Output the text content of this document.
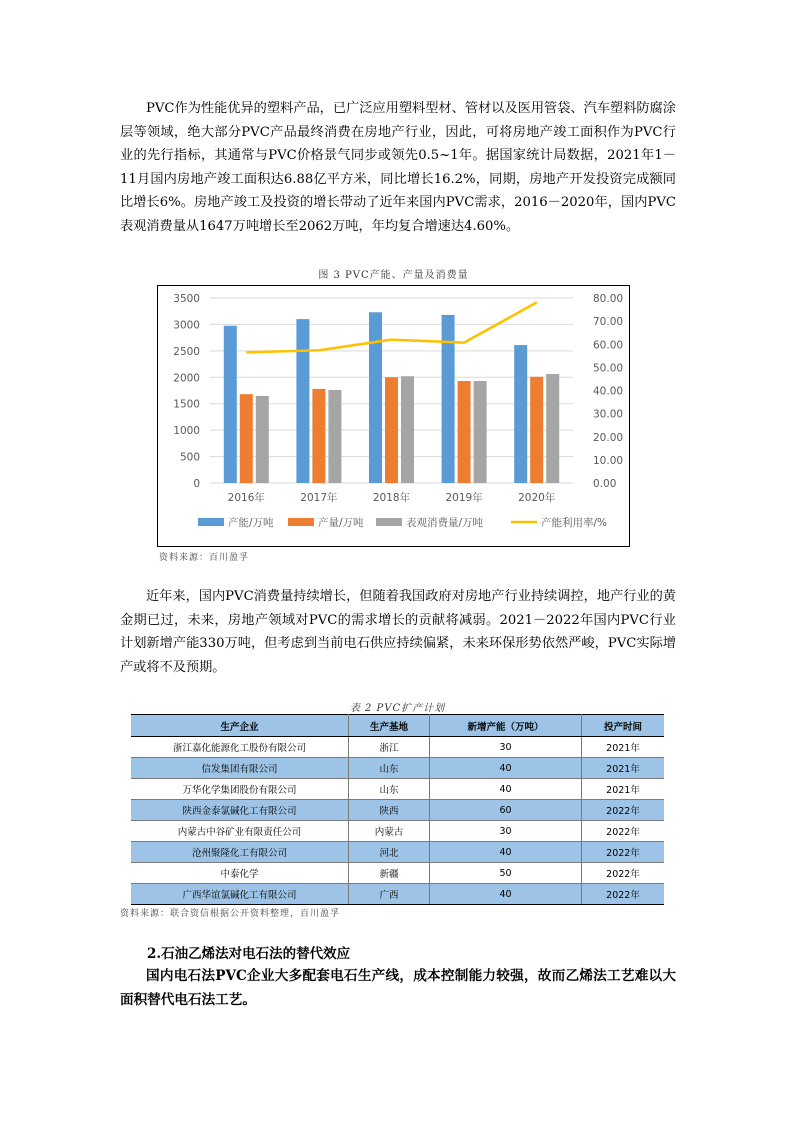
PVC作为性能优异的塑料产品，已广泛应用塑料型材、管材以及医用管袋、汽车塑料防腐涂层等领域，绝大部分PVC产品最终消费在房地产行业，因此，可将房地产竣工面积作为PVC行业的先行指标，其通常与PVC价格景气同步或领先0.5~1年。据国家统计局数据，2021年1－11月国内房地产竣工面积达6.88亿平方米，同比增长16.2%，同期，房地产开发投资完成额同比增长6%。房地产竣工及投资的增长带动了近年来国内PVC需求，2016－2020年，国内PVC表观消费量从1647万吨增长至2062万吨，年均复合增速达4.60%。

图 3 PVC产能、产量及消费量
0
500
1000
1500
2000
2500
3000
3500
0.00
10.00
20.00
30.00
40.00
50.00
60.00
70.00
80.00
2016年	2017年	2018年	2019年	2020年
产能/万吨	产量/万吨	表观消费量/万吨	产能利用率/%
资料来源：百川盈孚

近年来，国内PVC消费量持续增长，但随着我国政府对房地产行业持续调控，地产行业的黄金期已过，未来，房地产领域对PVC的需求增长的贡献将减弱。2021－2022年国内PVC行业计划新增产能330万吨，但考虑到当前电石供应持续偏紧，未来环保形势依然严峻，PVC实际增产或将不及预期。

表 2 PVC扩产计划
生产企业	生产基地	新增产能（万吨）	投产时间
浙江嘉化能源化工股份有限公司	浙江	30	2021年
信发集团有限公司	山东	40	2021年
万华化学集团股份有限公司	山东	40	2021年
陕西金泰氯碱化工有限公司	陕西	60	2022年
内蒙古中谷矿业有限责任公司	内蒙古	30	2022年
沧州聚隆化工有限公司	河北	40	2022年
中泰化学	新疆	50	2022年
广西华谊氯碱化工有限公司	广西	40	2022年
资料来源：联合资信根据公开资料整理，百川盈孚
2.石油乙烯法对电石法的替代效应

国内电石法PVC企业大多配套电石生产线，成本控制能力较强，故而乙烯法工艺难以大面积替代电石法工艺。
